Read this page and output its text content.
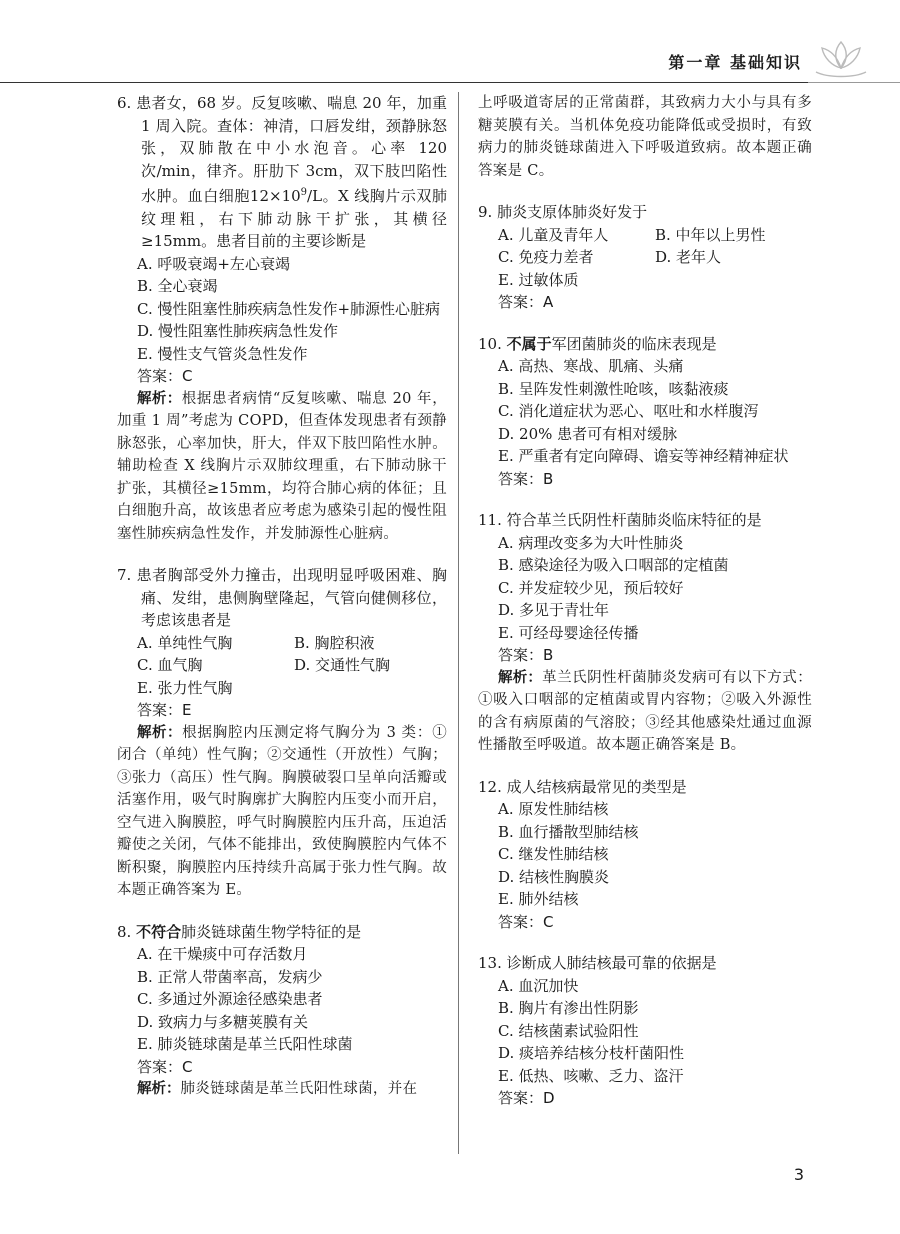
第一章 基础知识
6. 患者女，68 岁。反复咳嗽、喘息 20 年，加重 1 周入院。查体：神清，口唇发绀，颈静脉怒张，双肺散在中小水泡音。心率 120 次/min，律齐。肝肋下 3cm，双下肢凹陷性水肿。血白细胞$12\times 10^9/L$。X 线胸片示双肺纹理粗，右下肺动脉干扩张，其横径≥15mm。患者目前的主要诊断是
A. 呼吸衰竭+左心衰竭
B. 全心衰竭
C. 慢性阻塞性肺疾病急性发作+肺源性心脏病
D. 慢性阻塞性肺疾病急性发作
E. 慢性支气管炎急性发作
答案：C
解析：根据患者病情“反复咳嗽、喘息 20 年，加重 1 周”考虑为 COPD，但查体发现患者有颈静脉怒张，心率加快，肝大，伴双下肢凹陷性水肿。辅助检查 X 线胸片示双肺纹理重，右下肺动脉干扩张，其横径≥15mm，均符合肺心病的体征；且白细胞升高，故该患者应考虑为感染引起的慢性阻塞性肺疾病急性发作，并发肺源性心脏病。
7. 患者胸部受外力撞击，出现明显呼吸困难、胸痛、发绀，患侧胸壁隆起，气管向健侧移位，考虑该患者是
A. 单纯性气胸	B. 胸腔积液
C. 血气胸	D. 交通性气胸
E. 张力性气胸
答案：E
解析：根据胸腔内压测定将气胸分为 3 类：①闭合（单纯）性气胸；②交通性（开放性）气胸；③张力（高压）性气胸。胸膜破裂口呈单向活瓣或活塞作用，吸气时胸廓扩大胸腔内压变小而开启，空气进入胸膜腔，呼气时胸膜腔内压升高，压迫活瓣使之关闭，气体不能排出，致使胸膜腔内气体不断积聚，胸膜腔内压持续升高属于张力性气胸。故本题正确答案为 E。
8. 不符合肺炎链球菌生物学特征的是
A. 在干燥痰中可存活数月
B. 正常人带菌率高，发病少
C. 多通过外源途径感染患者
D. 致病力与多糖荚膜有关
E. 肺炎链球菌是革兰氏阳性球菌
答案：C
解析：肺炎链球菌是革兰氏阳性球菌，并在
上呼吸道寄居的正常菌群，其致病力大小与具有多糖荚膜有关。当机体免疫功能降低或受损时，有致病力的肺炎链球菌进入下呼吸道致病。故本题正确答案是 C。
9. 肺炎支原体肺炎好发于
A. 儿童及青年人	B. 中年以上男性
C. 免疫力差者	D. 老年人
E. 过敏体质
答案：A
10. 不属于军团菌肺炎的临床表现是
A. 高热、寒战、肌痛、头痛
B. 呈阵发性刺激性呛咳，咳黏液痰
C. 消化道症状为恶心、呕吐和水样腹泻
D. 20% 患者可有相对缓脉
E. 严重者有定向障碍、谵妄等神经精神症状
答案：B
11. 符合革兰氏阴性杆菌肺炎临床特征的是
A. 病理改变多为大叶性肺炎
B. 感染途径为吸入口咽部的定植菌
C. 并发症较少见，预后较好
D. 多见于青壮年
E. 可经母婴途径传播
答案：B
解析：革兰氏阴性杆菌肺炎发病可有以下方式：①吸入口咽部的定植菌或胃内容物；②吸入外源性的含有病原菌的气溶胶；③经其他感染灶通过血源性播散至呼吸道。故本题正确答案是 B。
12. 成人结核病最常见的类型是
A. 原发性肺结核
B. 血行播散型肺结核
C. 继发性肺结核
D. 结核性胸膜炎
E. 肺外结核
答案：C
13. 诊断成人肺结核最可靠的依据是
A. 血沉加快
B. 胸片有渗出性阴影
C. 结核菌素试验阳性
D. 痰培养结核分枝杆菌阳性
E. 低热、咳嗽、乏力、盗汗
答案：D
3
